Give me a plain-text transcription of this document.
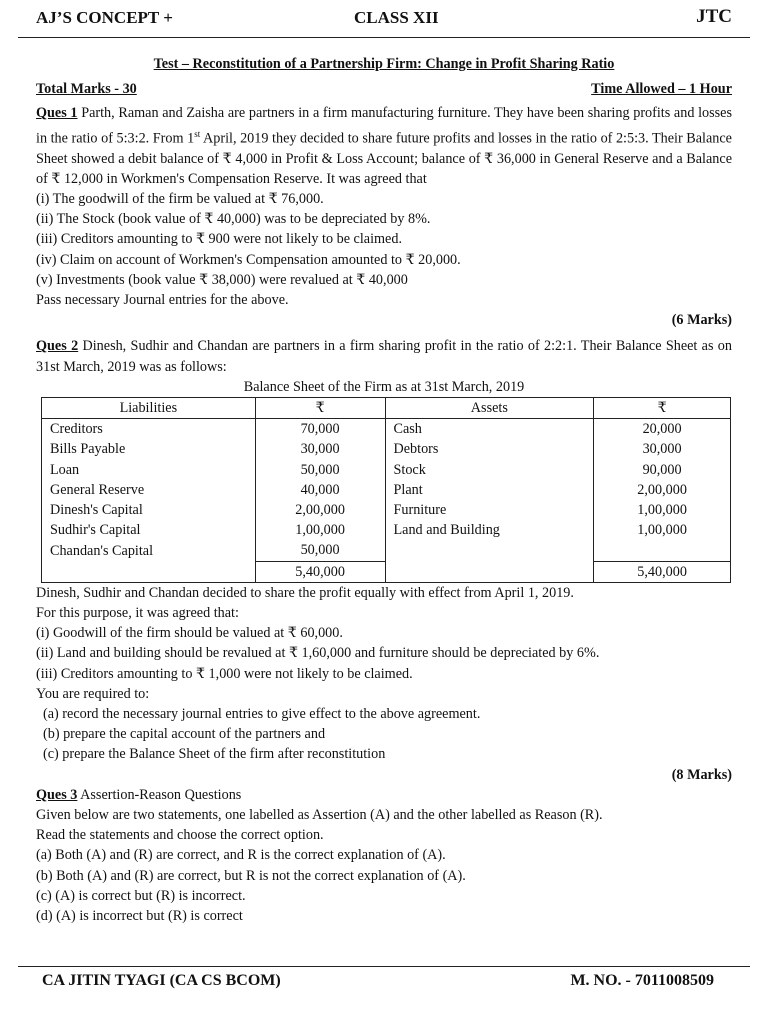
AJ’S CONCEPT +	CLASS XII	JTC
Test – Reconstitution of a Partnership Firm: Change in Profit Sharing Ratio
Total Marks - 30	Time Allowed – 1 Hour

Ques 1 Parth, Raman and Zaisha are partners in a firm manufacturing furniture. They have been sharing profits and losses in the ratio of 5:3:2. From 1st April, 2019 they decided to share future profits and losses in the ratio of 2:5:3. Their Balance Sheet showed a debit balance of ₹ 4,000 in Profit & Loss Account; balance of ₹ 36,000 in General Reserve and a Balance of ₹ 12,000 in Workmen's Compensation Reserve. It was agreed that

(i) The goodwill of the firm be valued at ₹ 76,000.

(ii) The Stock (book value of ₹ 40,000) was to be depreciated by 8%.

(iii) Creditors amounting to ₹ 900 were not likely to be claimed.

(iv) Claim on account of Workmen's Compensation amounted to ₹ 20,000.

(v) Investments (book value ₹ 38,000) were revalued at ₹ 40,000

Pass necessary Journal entries for the above.

(6 Marks)

Ques 2 Dinesh, Sudhir and Chandan are partners in a firm sharing profit in the ratio of 2:2:1. Their Balance Sheet as on 31st March, 2019 was as follows:

Balance Sheet of the Firm as at 31st March, 2019
Liabilities	₹	Assets	₹
Creditors	70,000	Cash	20,000
Bills Payable	30,000	Debtors	30,000
Loan	50,000	Stock	90,000
General Reserve	40,000	Plant	2,00,000
Dinesh's Capital	2,00,000	Furniture	1,00,000
Sudhir's Capital	1,00,000	Land and Building	1,00,000
Chandan's Capital	50,000		
	5,40,000		5,40,000

Dinesh, Sudhir and Chandan decided to share the profit equally with effect from April 1, 2019.

For this purpose, it was agreed that:

(i) Goodwill of the firm should be valued at ₹ 60,000.

(ii) Land and building should be revalued at ₹ 1,60,000 and furniture should be depreciated by 6%.

(iii) Creditors amounting to ₹ 1,000 were not likely to be claimed.

You are required to:

(a) record the necessary journal entries to give effect to the above agreement.

(b) prepare the capital account of the partners and

(c) prepare the Balance Sheet of the firm after reconstitution

(8 Marks)

Ques 3 Assertion-Reason Questions

Given below are two statements, one labelled as Assertion (A) and the other labelled as Reason (R).

Read the statements and choose the correct option.

(a) Both (A) and (R) are correct, and R is the correct explanation of (A).

(b) Both (A) and (R) are correct, but R is not the correct explanation of (A).

(c) (A) is correct but (R) is incorrect.

(d) (A) is incorrect but (R) is correct

CA JITIN TYAGI (CA CS BCOM)	M. NO. - 7011008509
